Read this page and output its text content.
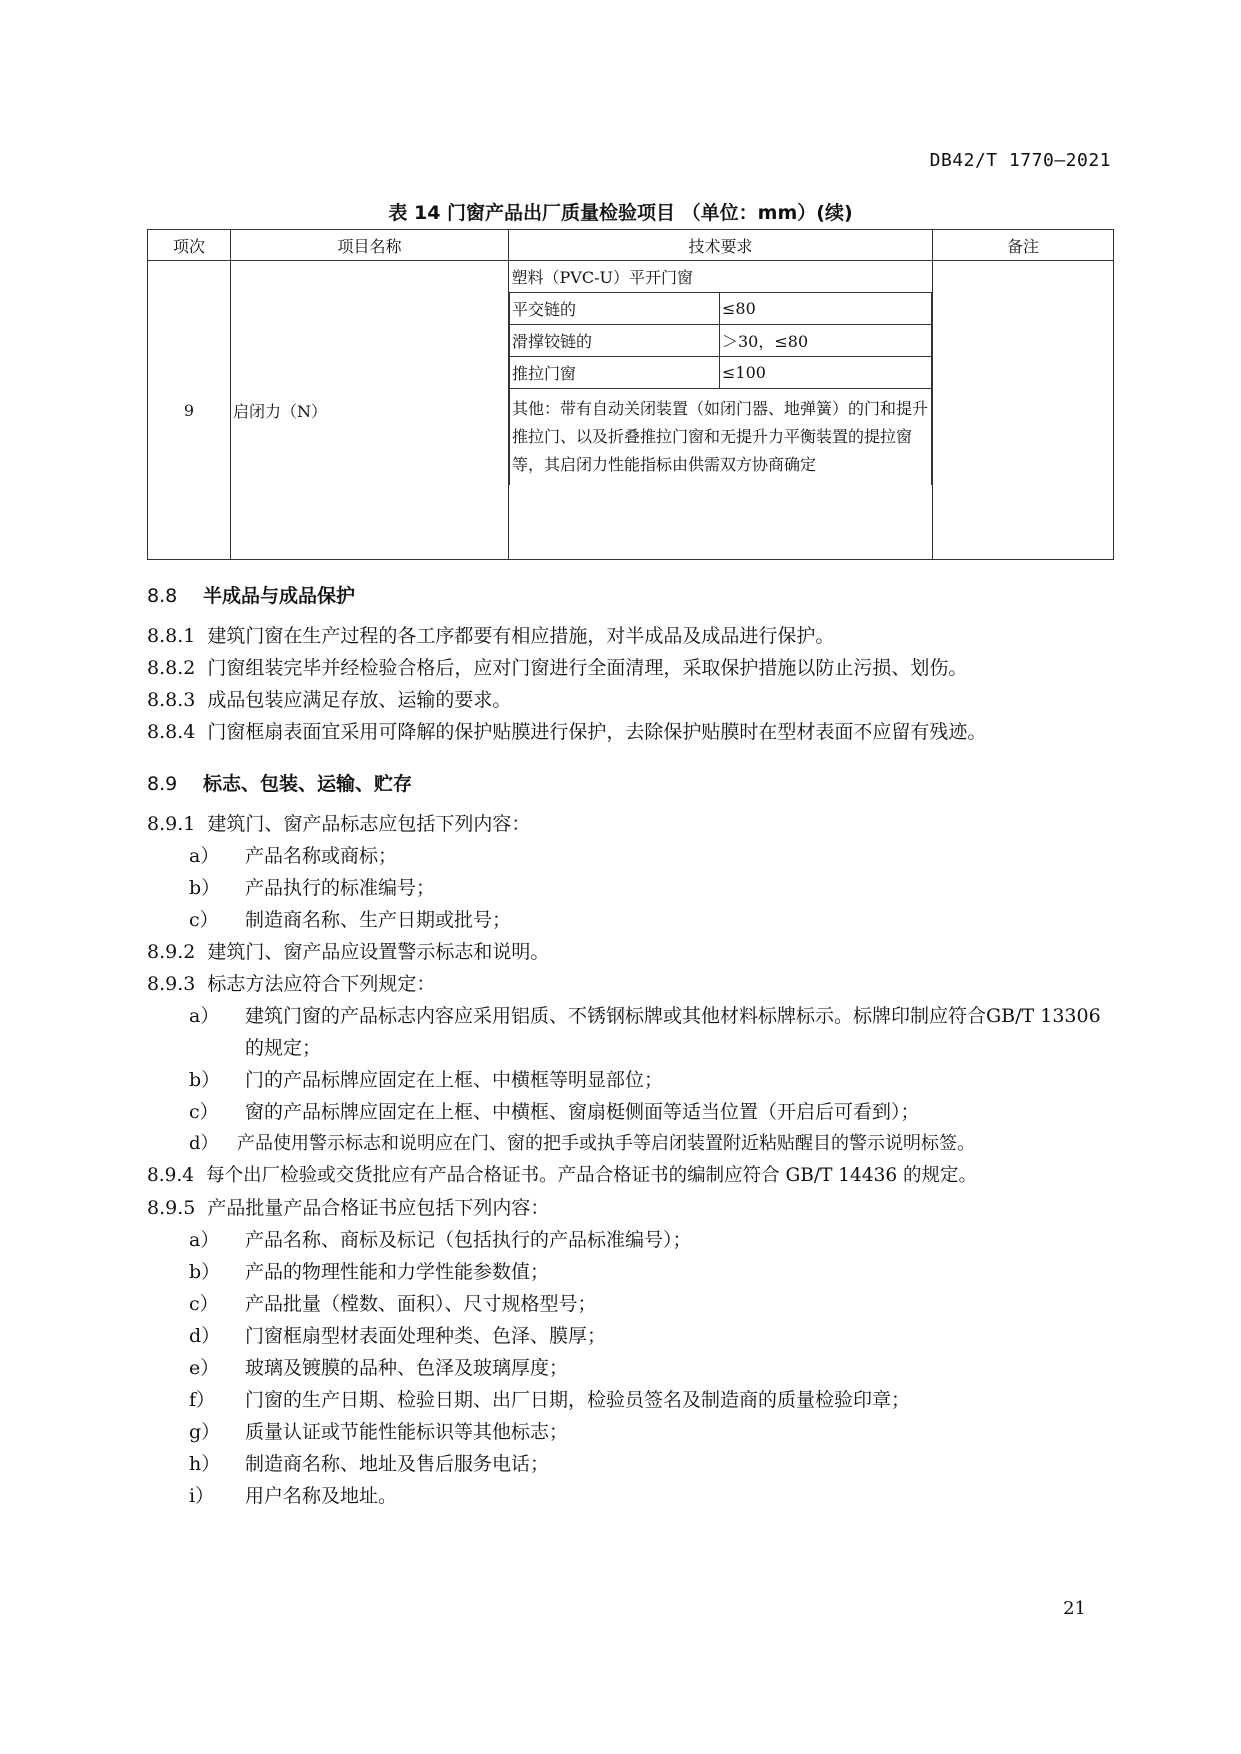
DB42/T 1770—2021
表 14 门窗产品出厂质量检验项目 （单位：mm）(续)
项次	项目名称	技术要求	备注
9	启闭力（N）	
塑料（PVC-U）平开门窗
平交链的	≤80
滑撑铰链的	＞30，≤80
推拉门窗	≤100
其他：带有自动关闭装置（如闭门器、地弹簧）的门和提升推拉门、以及折叠推拉门窗和无提升力平衡装置的提拉窗等，其启闭力性能指标由供需双方协商确定

8.8 半成品与成品保护
8.8.1 建筑门窗在生产过程的各工序都要有相应措施，对半成品及成品进行保护。
8.8.2 门窗组装完毕并经检验合格后，应对门窗进行全面清理，采取保护措施以防止污损、划伤。
8.8.3 成品包装应满足存放、运输的要求。
8.8.4 门窗框扇表面宜采用可降解的保护贴膜进行保护，去除保护贴膜时在型材表面不应留有残迹。
8.9 标志、包装、运输、贮存
8.9.1 建筑门、窗产品标志应包括下列内容：
a） 产品名称或商标；
b） 产品执行的标准编号；
c） 制造商名称、生产日期或批号；
8.9.2 建筑门、窗产品应设置警示标志和说明。
8.9.3 标志方法应符合下列规定：
a） 建筑门窗的产品标志内容应采用铝质、不锈钢标牌或其他材料标牌标示。标牌印制应符合GB/T 13306的规定；
b） 门的产品标牌应固定在上框、中横框等明显部位；
c） 窗的产品标牌应固定在上框、中横框、窗扇梃侧面等适当位置（开启后可看到）；
d） 产品使用警示标志和说明应在门、窗的把手或执手等启闭装置附近粘贴醒目的警示说明标签。
8.9.4 每个出厂检验或交货批应有产品合格证书。产品合格证书的编制应符合 GB/T 14436 的规定。
8.9.5 产品批量产品合格证书应包括下列内容：
a） 产品名称、商标及标记（包括执行的产品标准编号）；
b） 产品的物理性能和力学性能参数值；
c） 产品批量（樘数、面积）、尺寸规格型号；
d） 门窗框扇型材表面处理种类、色泽、膜厚；
e） 玻璃及镀膜的品种、色泽及玻璃厚度；
f） 门窗的生产日期、检验日期、出厂日期，检验员签名及制造商的质量检验印章；
g） 质量认证或节能性能标识等其他标志；
h） 制造商名称、地址及售后服务电话；
i） 用户名称及地址。
21
